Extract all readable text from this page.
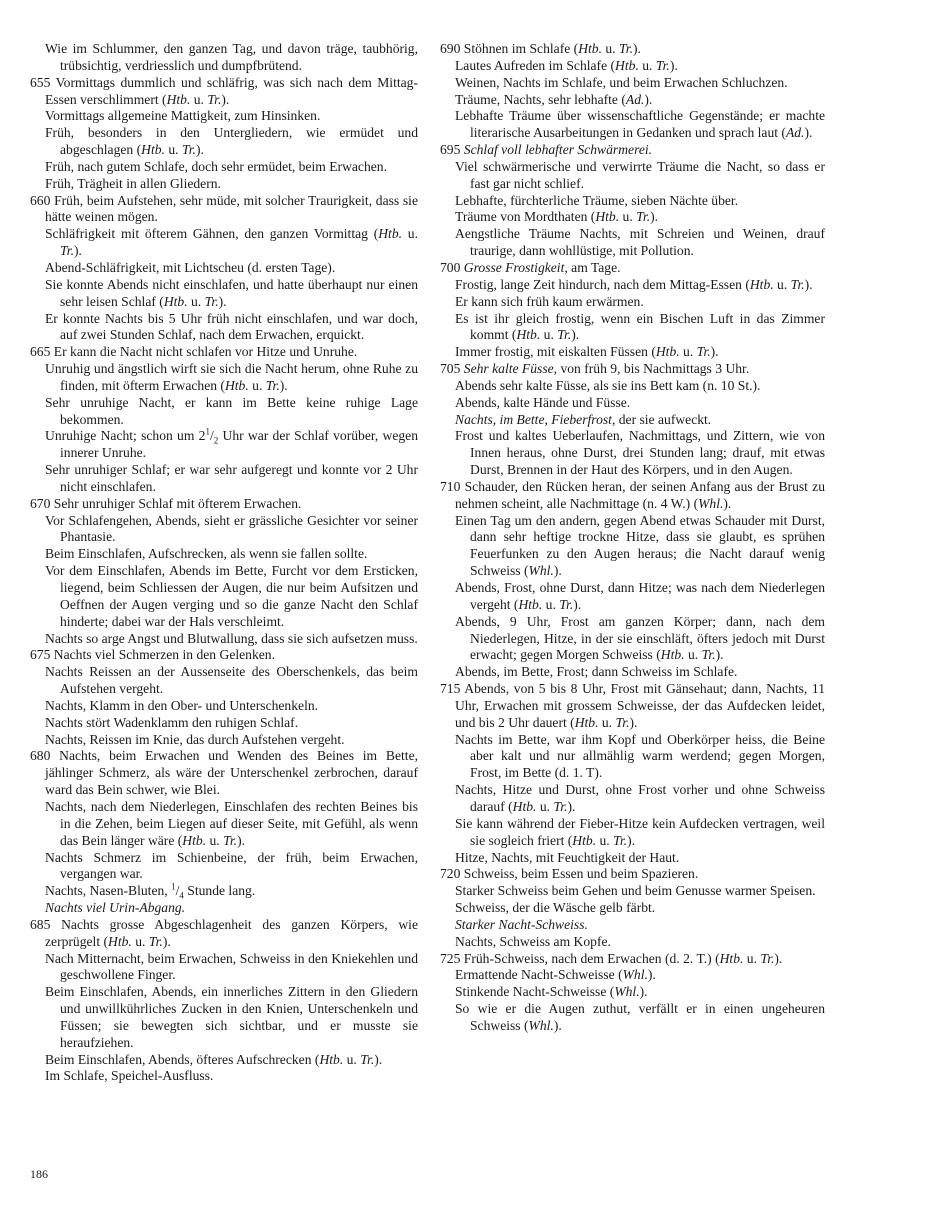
Wie im Schlummer, den ganzen Tag, und davon träge, taubhörig, trübsichtig, verdriesslich und dumpfbrütend.
655 Vormittags dummlich und schläfrig, was sich nach dem Mittag-Essen verschlimmert (Htb. u. Tr.).
Vormittags allgemeine Mattigkeit, zum Hinsinken.
Früh, besonders in den Untergliedern, wie ermüdet und abgeschlagen (Htb. u. Tr.).
Früh, nach gutem Schlafe, doch sehr ermüdet, beim Erwachen.
Früh, Trägheit in allen Gliedern.
660 Früh, beim Aufstehen, sehr müde, mit solcher Traurigkeit, dass sie hätte weinen mögen.
Schläfrigkeit mit öfterem Gähnen, den ganzen Vormittag (Htb. u. Tr.).
Abend-Schläfrigkeit, mit Lichtscheu (d. ersten Tage).
Sie konnte Abends nicht einschlafen, und hatte überhaupt nur einen sehr leisen Schlaf (Htb. u. Tr.).
Er konnte Nachts bis 5 Uhr früh nicht einschlafen, und war doch, auf zwei Stunden Schlaf, nach dem Erwachen, erquickt.
665 Er kann die Nacht nicht schlafen vor Hitze und Unruhe.
Unruhig und ängstlich wirft sie sich die Nacht herum, ohne Ruhe zu finden, mit öfterm Erwachen (Htb. u. Tr.).
Sehr unruhige Nacht, er kann im Bette keine ruhige Lage bekommen.
Unruhige Nacht; schon um $2^1/_2$ Uhr war der Schlaf vorüber, wegen innerer Unruhe.
Sehr unruhiger Schlaf; er war sehr aufgeregt und konnte vor 2 Uhr nicht einschlafen.
670 Sehr unruhiger Schlaf mit öfterem Erwachen.
Vor Schlafengehen, Abends, sieht er grässliche Gesichter vor seiner Phantasie.
Beim Einschlafen, Aufschrecken, als wenn sie fallen sollte.
Vor dem Einschlafen, Abends im Bette, Furcht vor dem Ersticken, liegend, beim Schliessen der Augen, die nur beim Aufsitzen und Oeffnen der Augen verging und so die ganze Nacht den Schlaf hinderte; dabei war der Hals verschleimt.
Nachts so arge Angst und Blutwallung, dass sie sich aufsetzen muss.
675 Nachts viel Schmerzen in den Gelenken.
Nachts Reissen an der Aussenseite des Oberschenkels, das beim Aufstehen vergeht.
Nachts, Klamm in den Ober- und Unterschenkeln.
Nachts stört Wadenklamm den ruhigen Schlaf.
Nachts, Reissen im Knie, das durch Aufstehen vergeht.
680 Nachts, beim Erwachen und Wenden des Beines im Bette, jählinger Schmerz, als wäre der Unterschenkel zerbrochen, darauf ward das Bein schwer, wie Blei.
Nachts, nach dem Niederlegen, Einschlafen des rechten Beines bis in die Zehen, beim Liegen auf dieser Seite, mit Gefühl, als wenn das Bein länger wäre (Htb. u. Tr.).
Nachts Schmerz im Schienbeine, der früh, beim Erwachen, vergangen war.
Nachts, Nasen-Bluten, $^1/_4$ Stunde lang.
Nachts viel Urin-Abgang.
685 Nachts grosse Abgeschlagenheit des ganzen Körpers, wie zerprügelt (Htb. u. Tr.).
Nach Mitternacht, beim Erwachen, Schweiss in den Kniekehlen und geschwollene Finger.
Beim Einschlafen, Abends, ein innerliches Zittern in den Gliedern und unwillkührliches Zucken in den Knien, Unterschenkeln und Füssen; sie bewegten sich sichtbar, und er musste sie heraufziehen.
Beim Einschlafen, Abends, öfteres Aufschrecken (Htb. u. Tr.).
Im Schlafe, Speichel-Ausfluss.
690 Stöhnen im Schlafe (Htb. u. Tr.).
Lautes Aufreden im Schlafe (Htb. u. Tr.).
Weinen, Nachts im Schlafe, und beim Erwachen Schluchzen.
Träume, Nachts, sehr lebhafte (Ad.).
Lebhafte Träume über wissenschaftliche Gegenstände; er machte literarische Ausarbeitungen in Gedanken und sprach laut (Ad.).
695 Schlaf voll lebhafter Schwärmerei.
Viel schwärmerische und verwirrte Träume die Nacht, so dass er fast gar nicht schlief.
Lebhafte, fürchterliche Träume, sieben Nächte über.
Träume von Mordthaten (Htb. u. Tr.).
Aengstliche Träume Nachts, mit Schreien und Weinen, drauf traurige, dann wohllüstige, mit Pollution.
700 Grosse Frostigkeit, am Tage.
Frostig, lange Zeit hindurch, nach dem Mittag-Essen (Htb. u. Tr.).
Er kann sich früh kaum erwärmen.
Es ist ihr gleich frostig, wenn ein Bischen Luft in das Zimmer kommt (Htb. u. Tr.).
Immer frostig, mit eiskalten Füssen (Htb. u. Tr.).
705 Sehr kalte Füsse, von früh 9, bis Nachmittags 3 Uhr.
Abends sehr kalte Füsse, als sie ins Bett kam (n. 10 St.).
Abends, kalte Hände und Füsse.
Nachts, im Bette, Fieberfrost, der sie aufweckt.
Frost und kaltes Ueberlaufen, Nachmittags, und Zittern, wie von Innen heraus, ohne Durst, drei Stunden lang; drauf, mit etwas Durst, Brennen in der Haut des Körpers, und in den Augen.
710 Schauder, den Rücken heran, der seinen Anfang aus der Brust zu nehmen scheint, alle Nachmittage (n. 4 W.) (Whl.).
Einen Tag um den andern, gegen Abend etwas Schauder mit Durst, dann sehr heftige trockne Hitze, dass sie glaubt, es sprühen Feuerfunken zu den Augen heraus; die Nacht darauf wenig Schweiss (Whl.).
Abends, Frost, ohne Durst, dann Hitze; was nach dem Niederlegen vergeht (Htb. u. Tr.).
Abends, 9 Uhr, Frost am ganzen Körper; dann, nach dem Niederlegen, Hitze, in der sie einschläft, öfters jedoch mit Durst erwacht; gegen Morgen Schweiss (Htb. u. Tr.).
Abends, im Bette, Frost; dann Schweiss im Schlafe.
715 Abends, von 5 bis 8 Uhr, Frost mit Gänsehaut; dann, Nachts, 11 Uhr, Erwachen mit grossem Schweisse, der das Aufdecken leidet, und bis 2 Uhr dauert (Htb. u. Tr.).
Nachts im Bette, war ihm Kopf und Oberkörper heiss, die Beine aber kalt und nur allmählig warm werdend; gegen Morgen, Frost, im Bette (d. 1. T).
Nachts, Hitze und Durst, ohne Frost vorher und ohne Schweiss darauf (Htb. u. Tr.).
Sie kann während der Fieber-Hitze kein Aufdecken vertragen, weil sie sogleich friert (Htb. u. Tr.).
Hitze, Nachts, mit Feuchtigkeit der Haut.
720 Schweiss, beim Essen und beim Spazieren.
Starker Schweiss beim Gehen und beim Genusse warmer Speisen.
Schweiss, der die Wäsche gelb färbt.
Starker Nacht-Schweiss.
Nachts, Schweiss am Kopfe.
725 Früh-Schweiss, nach dem Erwachen (d. 2. T.) (Htb. u. Tr.).
Ermattende Nacht-Schweisse (Whl.).
Stinkende Nacht-Schweisse (Whl.).
So wie er die Augen zuthut, verfällt er in einen ungeheuren Schweiss (Whl.).
186
